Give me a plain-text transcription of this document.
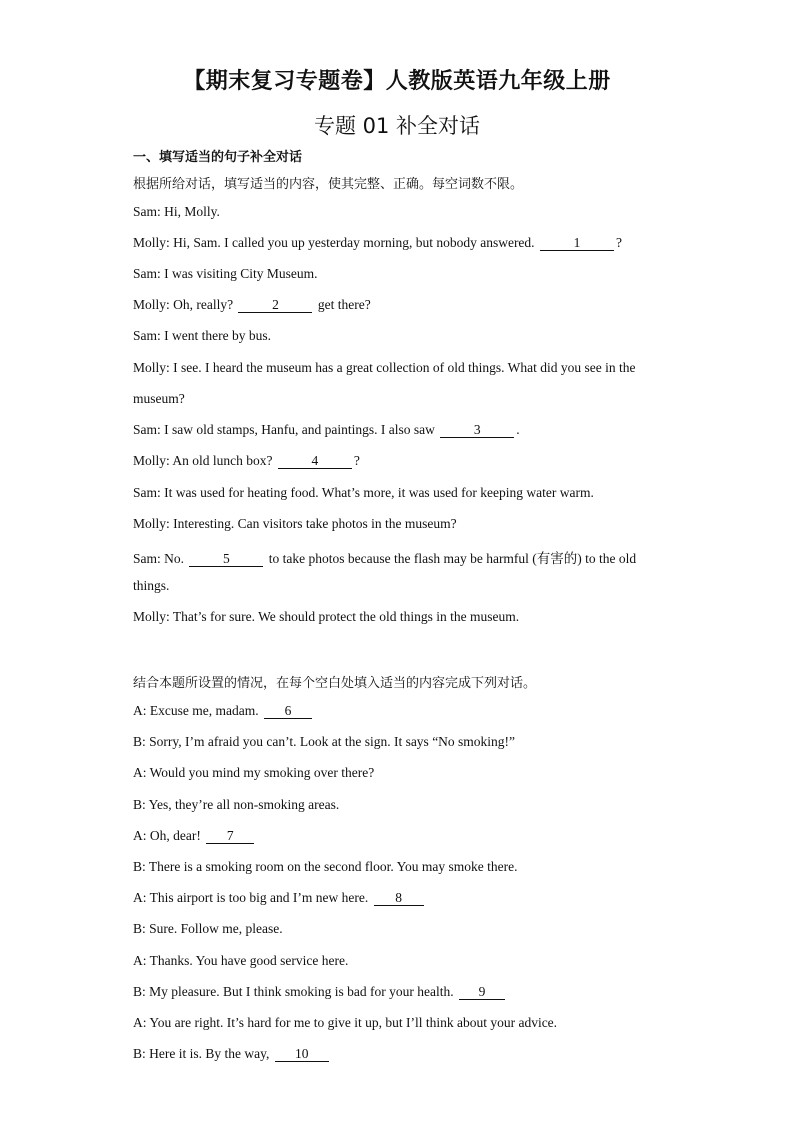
【期末复习专题卷】人教版英语九年级上册
专题 01 补全对话
一、填写适当的句子补全对话
根据所给对话，填写适当的内容，使其完整、正确。每空词数不限。
Sam: Hi, Molly.
Molly: Hi, Sam. I called you up yesterday morning, but nobody answered.	1	?
Sam: I was visiting City Museum.
Molly: Oh, really?	2	get there?
Sam: I went there by bus.
Molly: I see. I heard the museum has a great collection of old things. What did you see in the
museum?
Sam: I saw old stamps, Hanfu, and paintings. I also saw	3	.
Molly: An old lunch box?	4	?
Sam: It was used for heating food. What’s more, it was used for keeping water warm.
Molly: Interesting. Can visitors take photos in the museum?
Sam: No.	5	to take photos because the flash may be harmful (有害的) to the old
things.
Molly: That’s for sure. We should protect the old things in the museum.
结合本题所设置的情况，在每个空白处填入适当的内容完成下列对话。
A: Excuse me, madam. 6
B: Sorry, I’m afraid you can’t. Look at the sign. It says “No smoking!”
A: Would you mind my smoking over there?
B: Yes, they’re all non-smoking areas.
A: Oh, dear! 7
B: There is a smoking room on the second floor. You may smoke there.
A: This airport is too big and I’m new here. 8
B: Sure. Follow me, please.
A: Thanks. You have good service here.
B: My pleasure. But I think smoking is bad for your health. 9
A: You are right. It’s hard for me to give it up, but I’ll think about your advice.
B: Here it is. By the way, 10
